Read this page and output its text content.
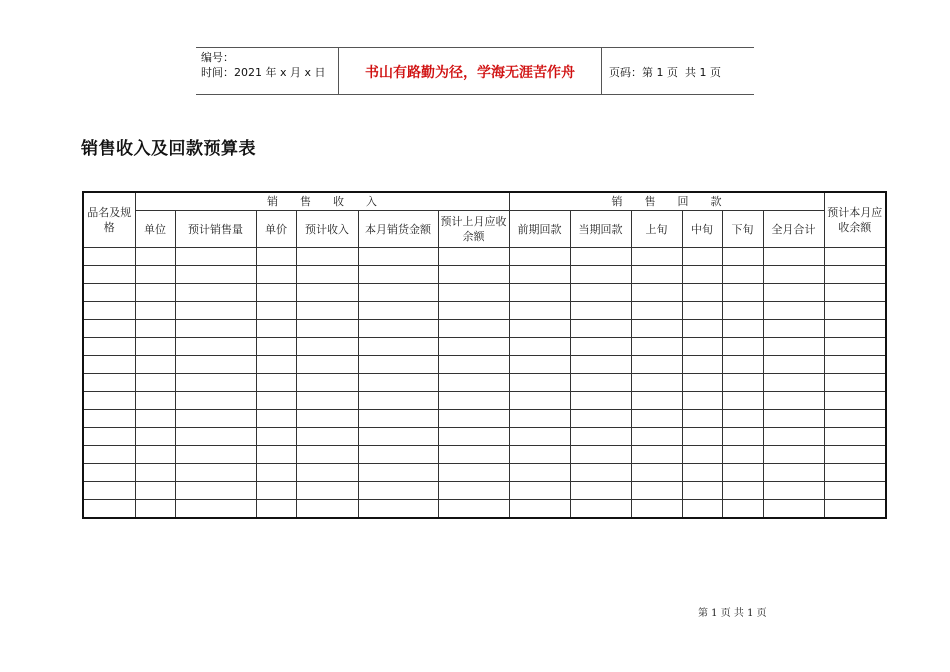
编号：
时间：2021 年 x 月 x 日	书山有路勤为径，学海无涯苦作舟	页码：第 1 页  共 1 页
销售收入及回款预算表
品名及规格	销　　售　　收　　入						销　　售　　回　　款						预计本月应收余额
	单位	预计销售量	单价	预计收入	本月销货金额	预计上月应收余额	前期回款	当期回款	上旬	中旬	下旬	全月合计	

第 1 页 共 1 页
